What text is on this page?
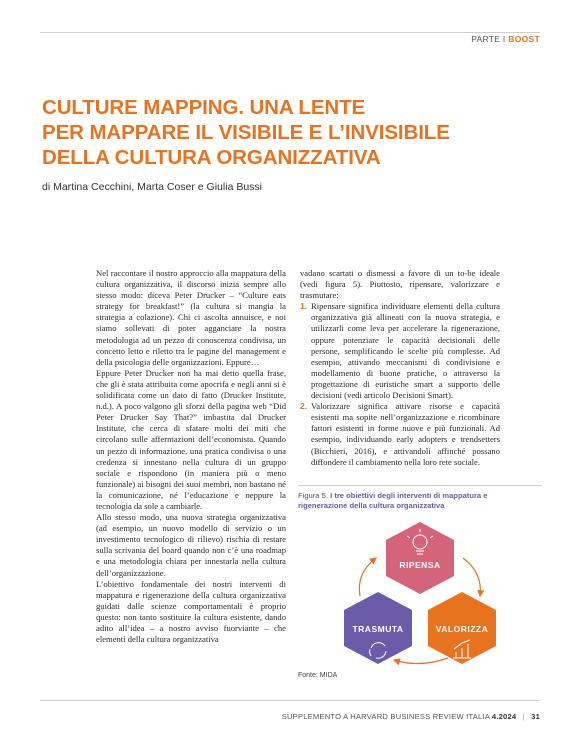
PARTE I BOOST
CULTURE MAPPING. UNA LENTE
PER MAPPARE IL VISIBILE E L’INVISIBILE
DELLA CULTURA ORGANIZZATIVA
di Martina Cecchini, Marta Coser e Giulia Bussi

Nel raccontare il nostro approccio alla mappatura della cultura organizzativa, il discorso inizia sempre allo stesso modo: diceva Peter Drucker – “Culture eats strategy for breakfast!” (la cultura si mangia la strategia a colazione). Chi ci ascolta annuisce, e noi siamo sollevati di poter agganciare la nostra metodologia ad un pezzo di conoscenza condivisa, un concetto letto e riletto tra le pagine del management e della psicologia delle organizzazioni. Eppure…

Eppure Peter Drucker non ha mai detto quella frase, che gli è stata attribuita come apocrifa e negli anni si è solidificata come un dato di fatto (Drucker Institute, n.d.). A poco valgono gli sforzi della pagina web “Did Peter Drucker Say That?” imbastita dal Drucker Institute, che cerca di sfatare molti dei miti che circolano sulle affermazioni dell’economista. Quando un pezzo di informazione, una pratica condivisa o una credenza si innestano nella cultura di un gruppo sociale e rispondono (in maniera più o meno funzionale) ai bisogni dei suoi membri, non bastano né la comunicazione, né l’educazione e neppure la tecnologia da sole a cambiarle.

Allo stesso modo, una nuova strategia organizzativa (ad esempio, un nuovo modello di servizio o un investimento tecnologico di rilievo) rischia di restare sulla scrivania del board quando non c’è una roadmap e una metodologia chiara per innestarla nella cultura dell’organizzazione.

L’obiettivo fondamentale dei nostri interventi di mappatura e rigenerazione della cultura organizzativa guidati dalle scienze comportamentali è proprio questo: non tanto sostituire la cultura esistente, dando adito all’idea – a nostro avviso fuorviante – che elementi della cultura organizzativa

vadano scartati o dismessi a favore di un to-be ideale (vedi figura 5). Piuttosto, ripensare, valorizzare e trasmutare:

1. Ripensare significa individuare elementi della cultura organizzativa già allineati con la nuova strategia, e utilizzarli come leva per accelerare la rigenerazione, oppure potenziare le capacità decisionali delle persone, semplificando le scelte più complesse. Ad esempio, attivando meccanismi di condivisione e modellamento di buone pratiche, o attraverso la progettazione di euristiche smart a supporto delle decisioni (vedi articolo Decisioni Smart).
2. Valorizzare significa attivare risorse e capacità esistenti ma sopite nell’organizzazione e ricombinare fattori esistenti in forme nuove e più funzionali. Ad esempio, individuando early adopters e trendsetters (Bicchieri, 2016), e attivandoli affinché possano diffondere il cambiamento nella loro rete sociale.
Figura 5. I tre obiettivi degli interventi di mappatura e rigenerazione della cultura organizzativa
RIPENSA
TRASMUTA	VALORIZZA
Fonte: MIDA
SUPPLEMENTO A HARVARD BUSINESS REVIEW ITALIA 4.2024 | 31
